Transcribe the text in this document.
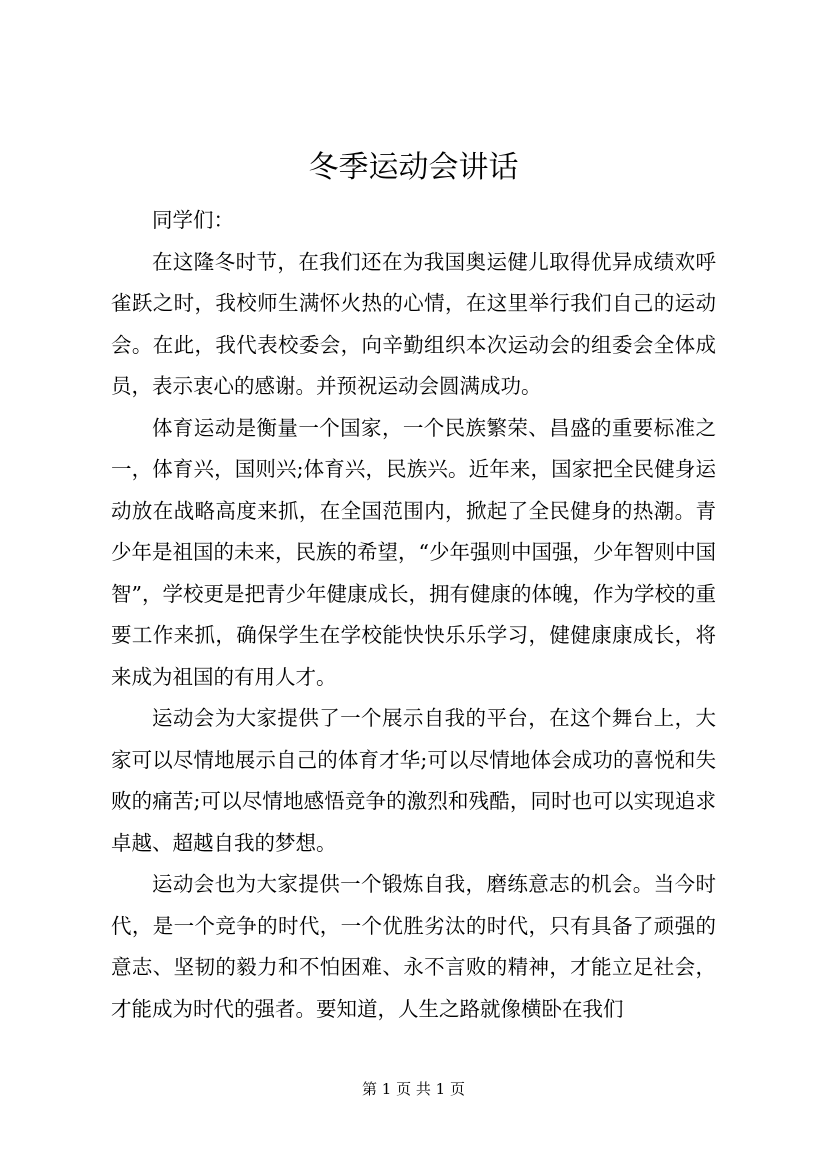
冬季运动会讲话

同学们：

在这隆冬时节，在我们还在为我国奥运健儿取得优异成绩欢呼雀跃之时，我校师生满怀火热的心情，在这里举行我们自己的运动会。在此，我代表校委会，向辛勤组织本次运动会的组委会全体成员，表示衷心的感谢。并预祝运动会圆满成功。

体育运动是衡量一个国家，一个民族繁荣、昌盛的重要标准之一，体育兴，国则兴;体育兴，民族兴。近年来，国家把全民健身运动放在战略高度来抓，在全国范围内，掀起了全民健身的热潮。青少年是祖国的未来，民族的希望，“少年强则中国强，少年智则中国智”，学校更是把青少年健康成长，拥有健康的体魄，作为学校的重要工作来抓，确保学生在学校能快快乐乐学习，健健康康成长，将来成为祖国的有用人才。

运动会为大家提供了一个展示自我的平台，在这个舞台上，大家可以尽情地展示自己的体育才华;可以尽情地体会成功的喜悦和失败的痛苦;可以尽情地感悟竞争的激烈和残酷，同时也可以实现追求卓越、超越自我的梦想。

运动会也为大家提供一个锻炼自我，磨练意志的机会。当今时代，是一个竞争的时代，一个优胜劣汰的时代，只有具备了顽强的意志、坚韧的毅力和不怕困难、永不言败的精神，才能立足社会，才能成为时代的强者。要知道，人生之路就像横卧在我们

第 1 页 共 1 页
